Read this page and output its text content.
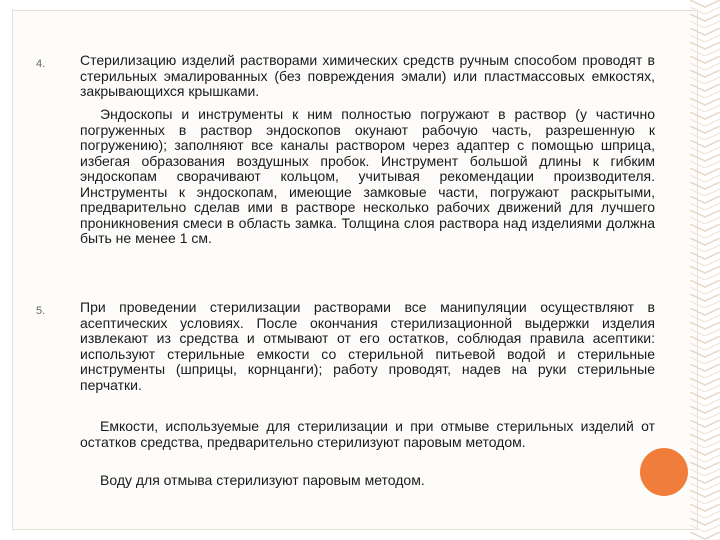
4. Стерилизацию изделий растворами химических средств ручным способом проводят в стерильных эмалированных (без повреждения эмали) или пластмассовых емкостях, закрывающихся крышками.

Эндоскопы и инструменты к ним полностью погружают в раствор (у частично погруженных в раствор эндоскопов окунают рабочую часть, разрешенную к погружению); заполняют все каналы раствором через адаптер с помощью шприца, избегая образования воздушных пробок. Инструмент большой длины к гибким эндоскопам сворачивают кольцом, учитывая рекомендации производителя. Инструменты к эндоскопам, имеющие замковые части, погружают раскрытыми, предварительно сделав ими в растворе несколько рабочих движений для лучшего проникновения смеси в область замка. Толщина слоя раствора над изделиями должна быть не менее 1 см.

5. При проведении стерилизации растворами все манипуляции осуществляют в асептических условиях. После окончания стерилизационной выдержки изделия извлекают из средства и отмывают от его остатков, соблюдая правила асептики: используют стерильные емкости со стерильной питьевой водой и стерильные инструменты (шприцы, корнцанги); работу проводят, надев на руки стерильные перчатки.

Емкости, используемые для стерилизации и при отмыве стерильных изделий от остатков средства, предварительно стерилизуют паровым методом.

Воду для отмыва стерилизуют паровым методом.
